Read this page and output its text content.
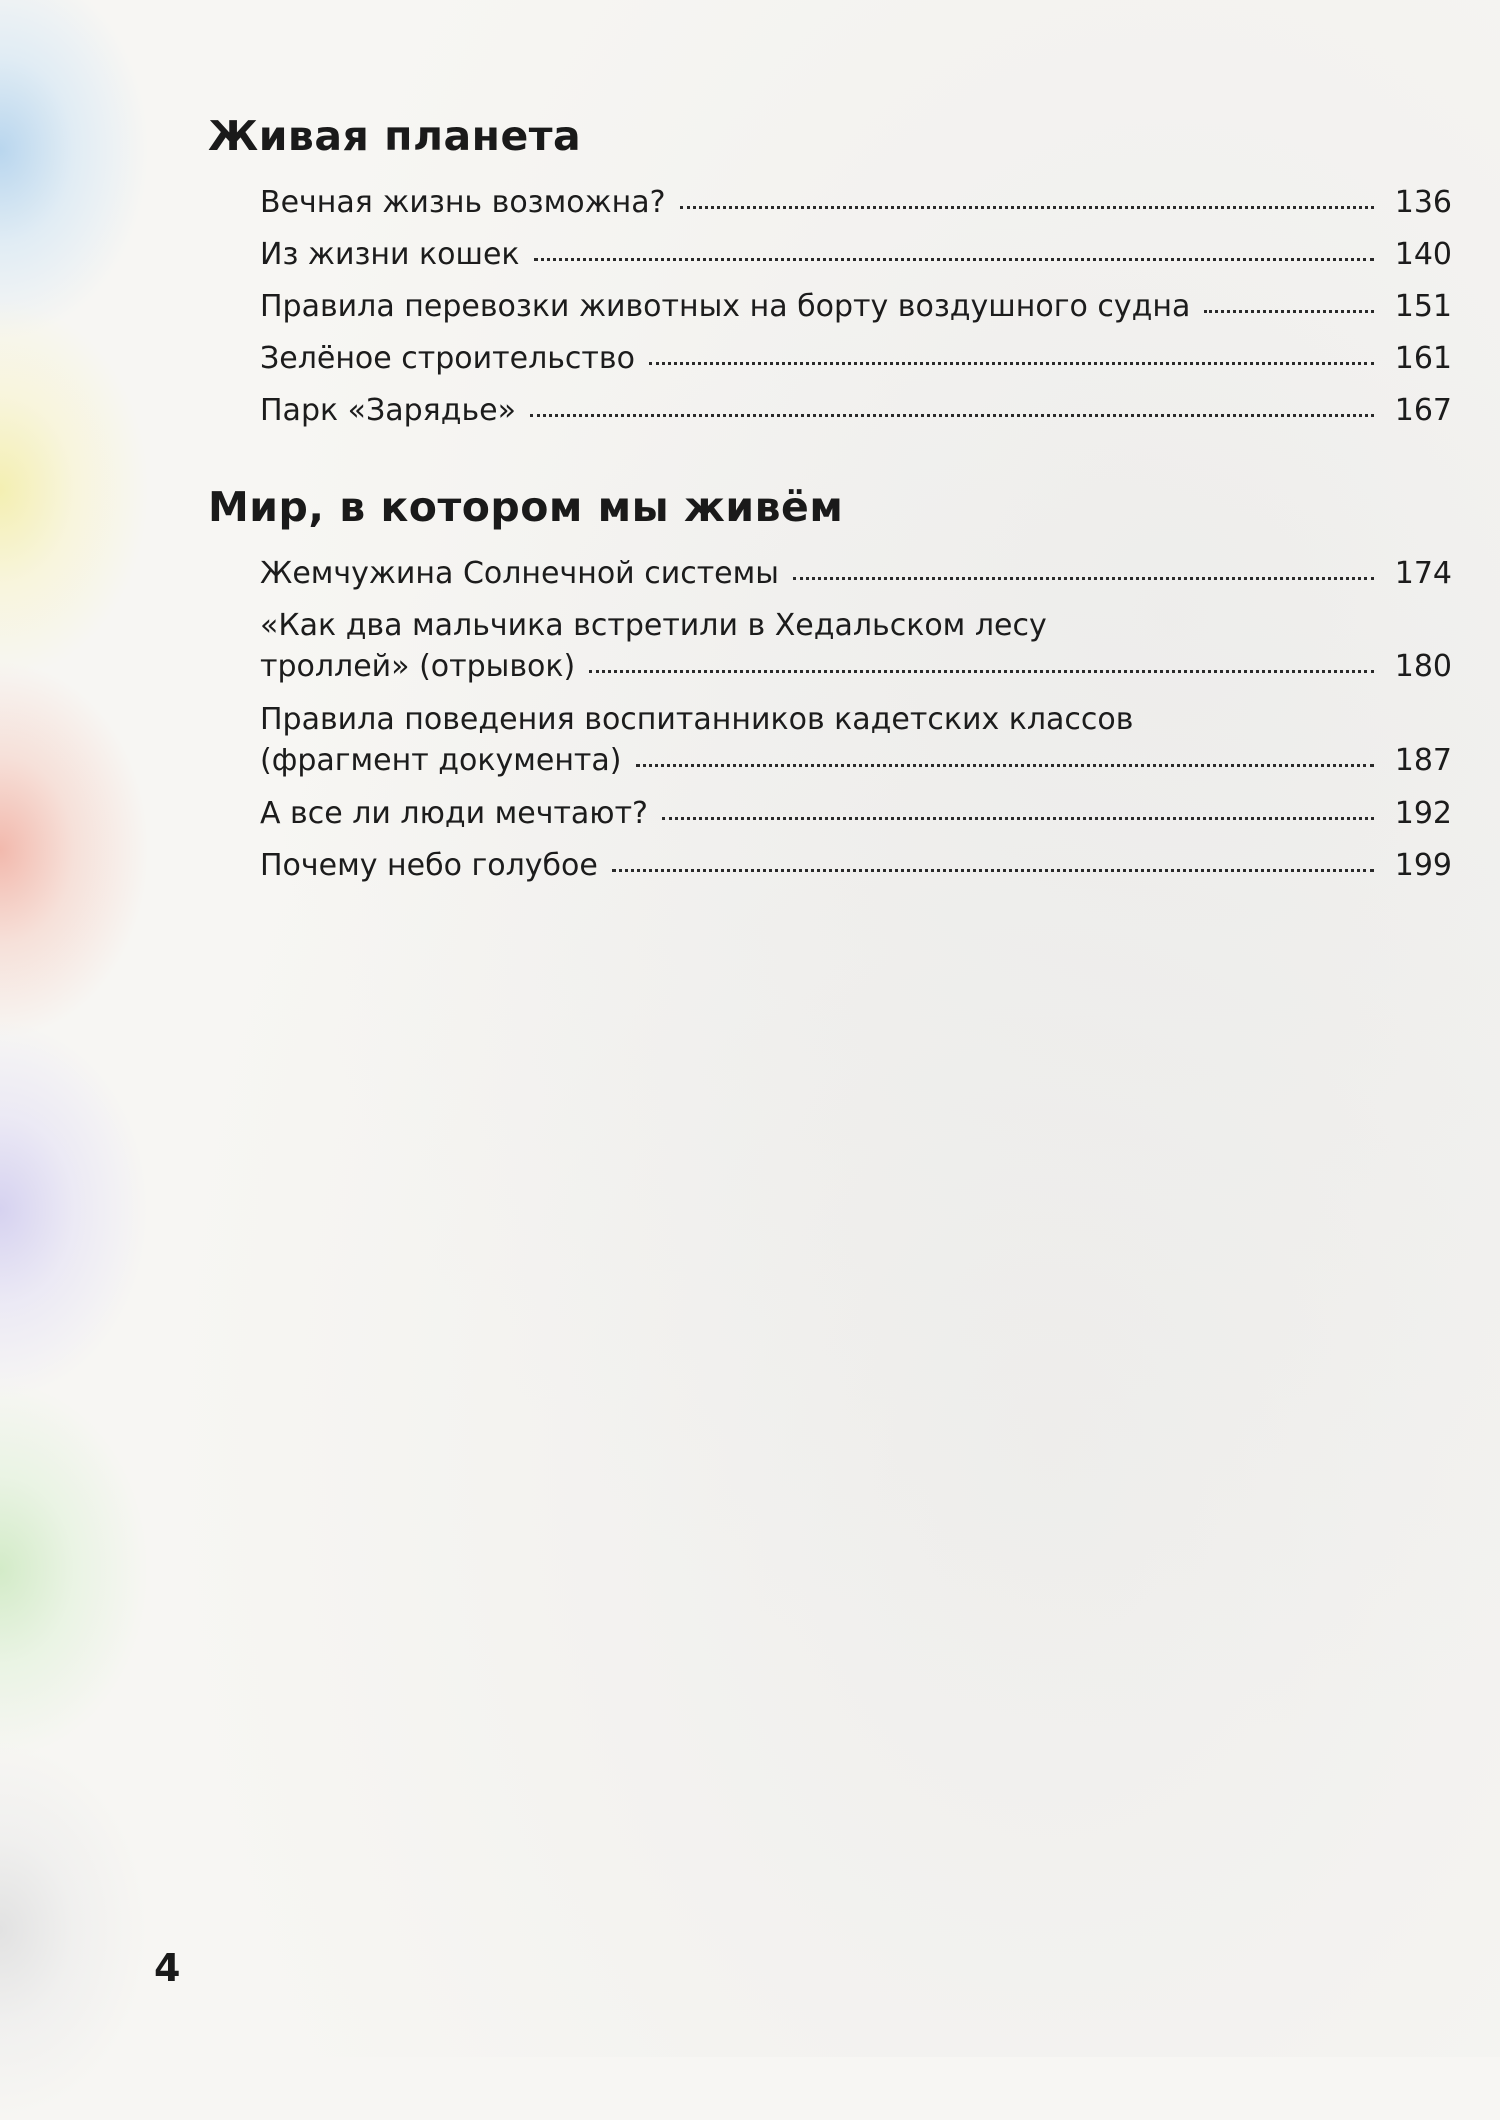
Живая планета
Вечная жизнь возможна?	136
Из жизни кошек	140
Правила перевозки животных на борту воздушного судна	151
Зелёное строительство	161
Парк «Зарядье»	167
Мир, в котором мы живём
Жемчужина Солнечной системы	174
«Как два мальчика встретили в Хедальском лесу
троллей» (отрывок)	180
Правила поведения воспитанников кадетских классов
(фрагмент документа)	187
А все ли люди мечтают?	192
Почему небо голубое	199
4
